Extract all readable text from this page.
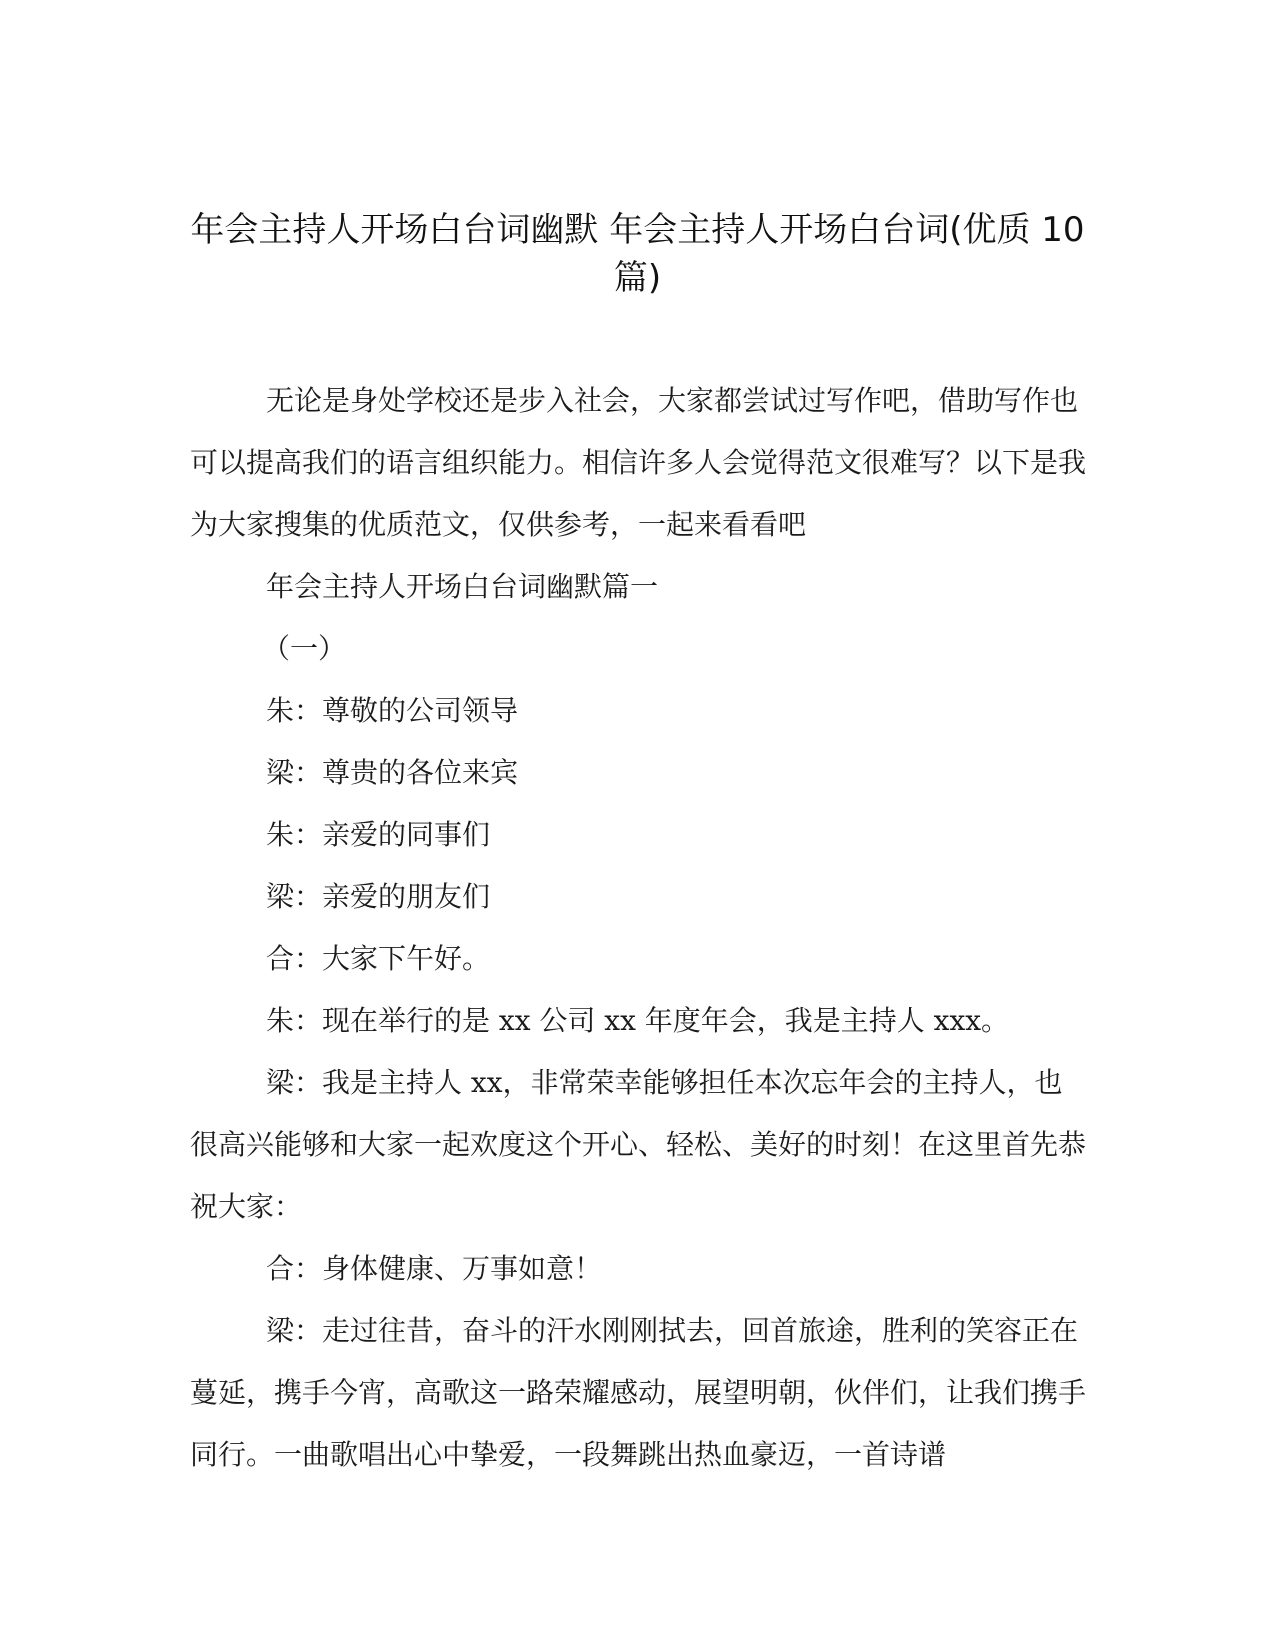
年会主持人开场白台词幽默 年会主持人开场白台词(优质 10
篇)

无论是身处学校还是步入社会，大家都尝试过写作吧，借助写作也可以提高我们的语言组织能力。相信许多人会觉得范文很难写？以下是我为大家搜集的优质范文，仅供参考，一起来看看吧

年会主持人开场白台词幽默篇一

（一）

朱：尊敬的公司领导

梁：尊贵的各位来宾

朱：亲爱的同事们

梁：亲爱的朋友们

合：大家下午好。

朱：现在举行的是 xx 公司 xx 年度年会，我是主持人 xxx。

梁：我是主持人 xx，非常荣幸能够担任本次忘年会的主持人，也很高兴能够和大家一起欢度这个开心、轻松、美好的时刻！在这里首先恭祝大家：

合：身体健康、万事如意！

梁：走过往昔，奋斗的汗水刚刚拭去，回首旅途，胜利的笑容正在蔓延，携手今宵，高歌这一路荣耀感动，展望明朝，伙伴们，让我们携手同行。一曲歌唱出心中挚爱，一段舞跳出热血豪迈，一首诗谱
